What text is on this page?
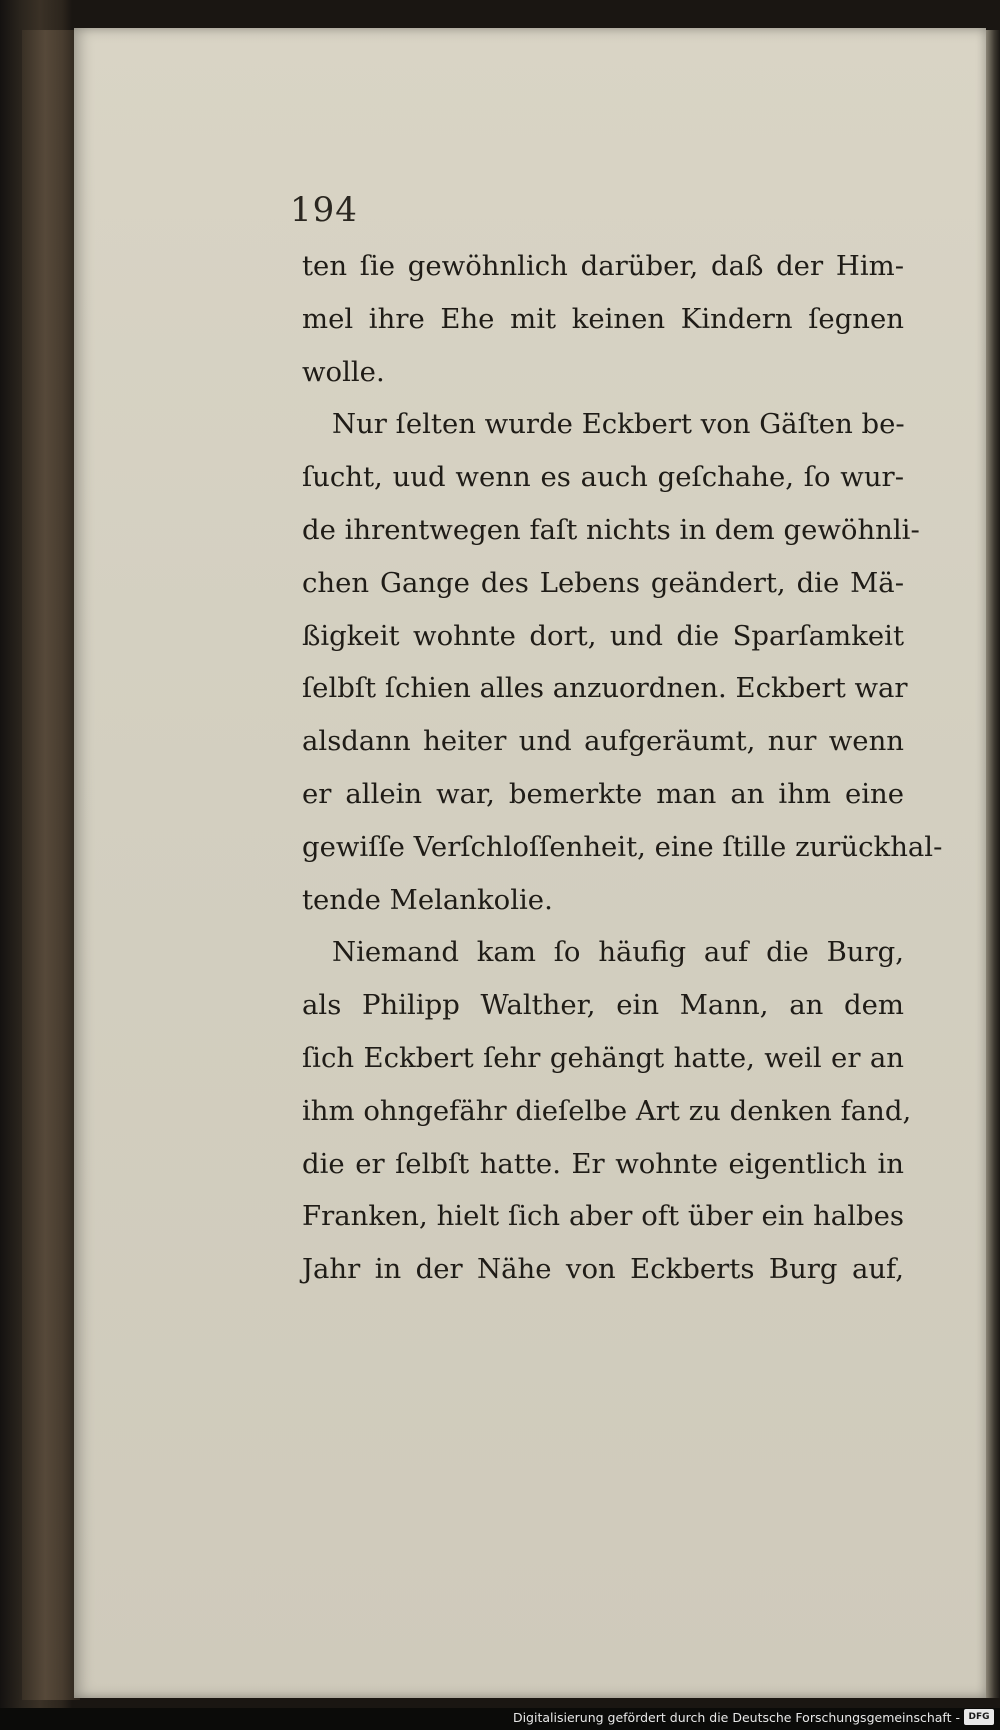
194
ten ſie gewöhnlich darüber, daß der Him-
mel ihre Ehe mit keinen Kindern ſegnen
wolle.
Nur ſelten wurde Eckbert von Gäſten be-
ſucht, uud wenn es auch geſchahe, ſo wur-
de ihrentwegen faſt nichts in dem gewöhnli-
chen Gange des Lebens geändert, die Mä-
ßigkeit wohnte dort, und die Sparſamkeit
ſelbſt ſchien alles anzuordnen. Eckbert war
alsdann heiter und aufgeräumt, nur wenn
er allein war, bemerkte man an ihm eine
gewiſſe Verſchloſſenheit, eine ſtille zurückhal-
tende Melankolie.
Niemand kam ſo häufig auf die Burg,
als Philipp Walther, ein Mann, an dem
ſich Eckbert ſehr gehängt hatte, weil er an
ihm ohngefähr dieſelbe Art zu denken fand,
die er ſelbſt hatte. Er wohnte eigentlich in
Franken, hielt ſich aber oft über ein halbes
Jahr in der Nähe von Eckberts Burg auf,
Digitalisierung gefördert durch die Deutsche Forschungsgemeinschaft - DFG
